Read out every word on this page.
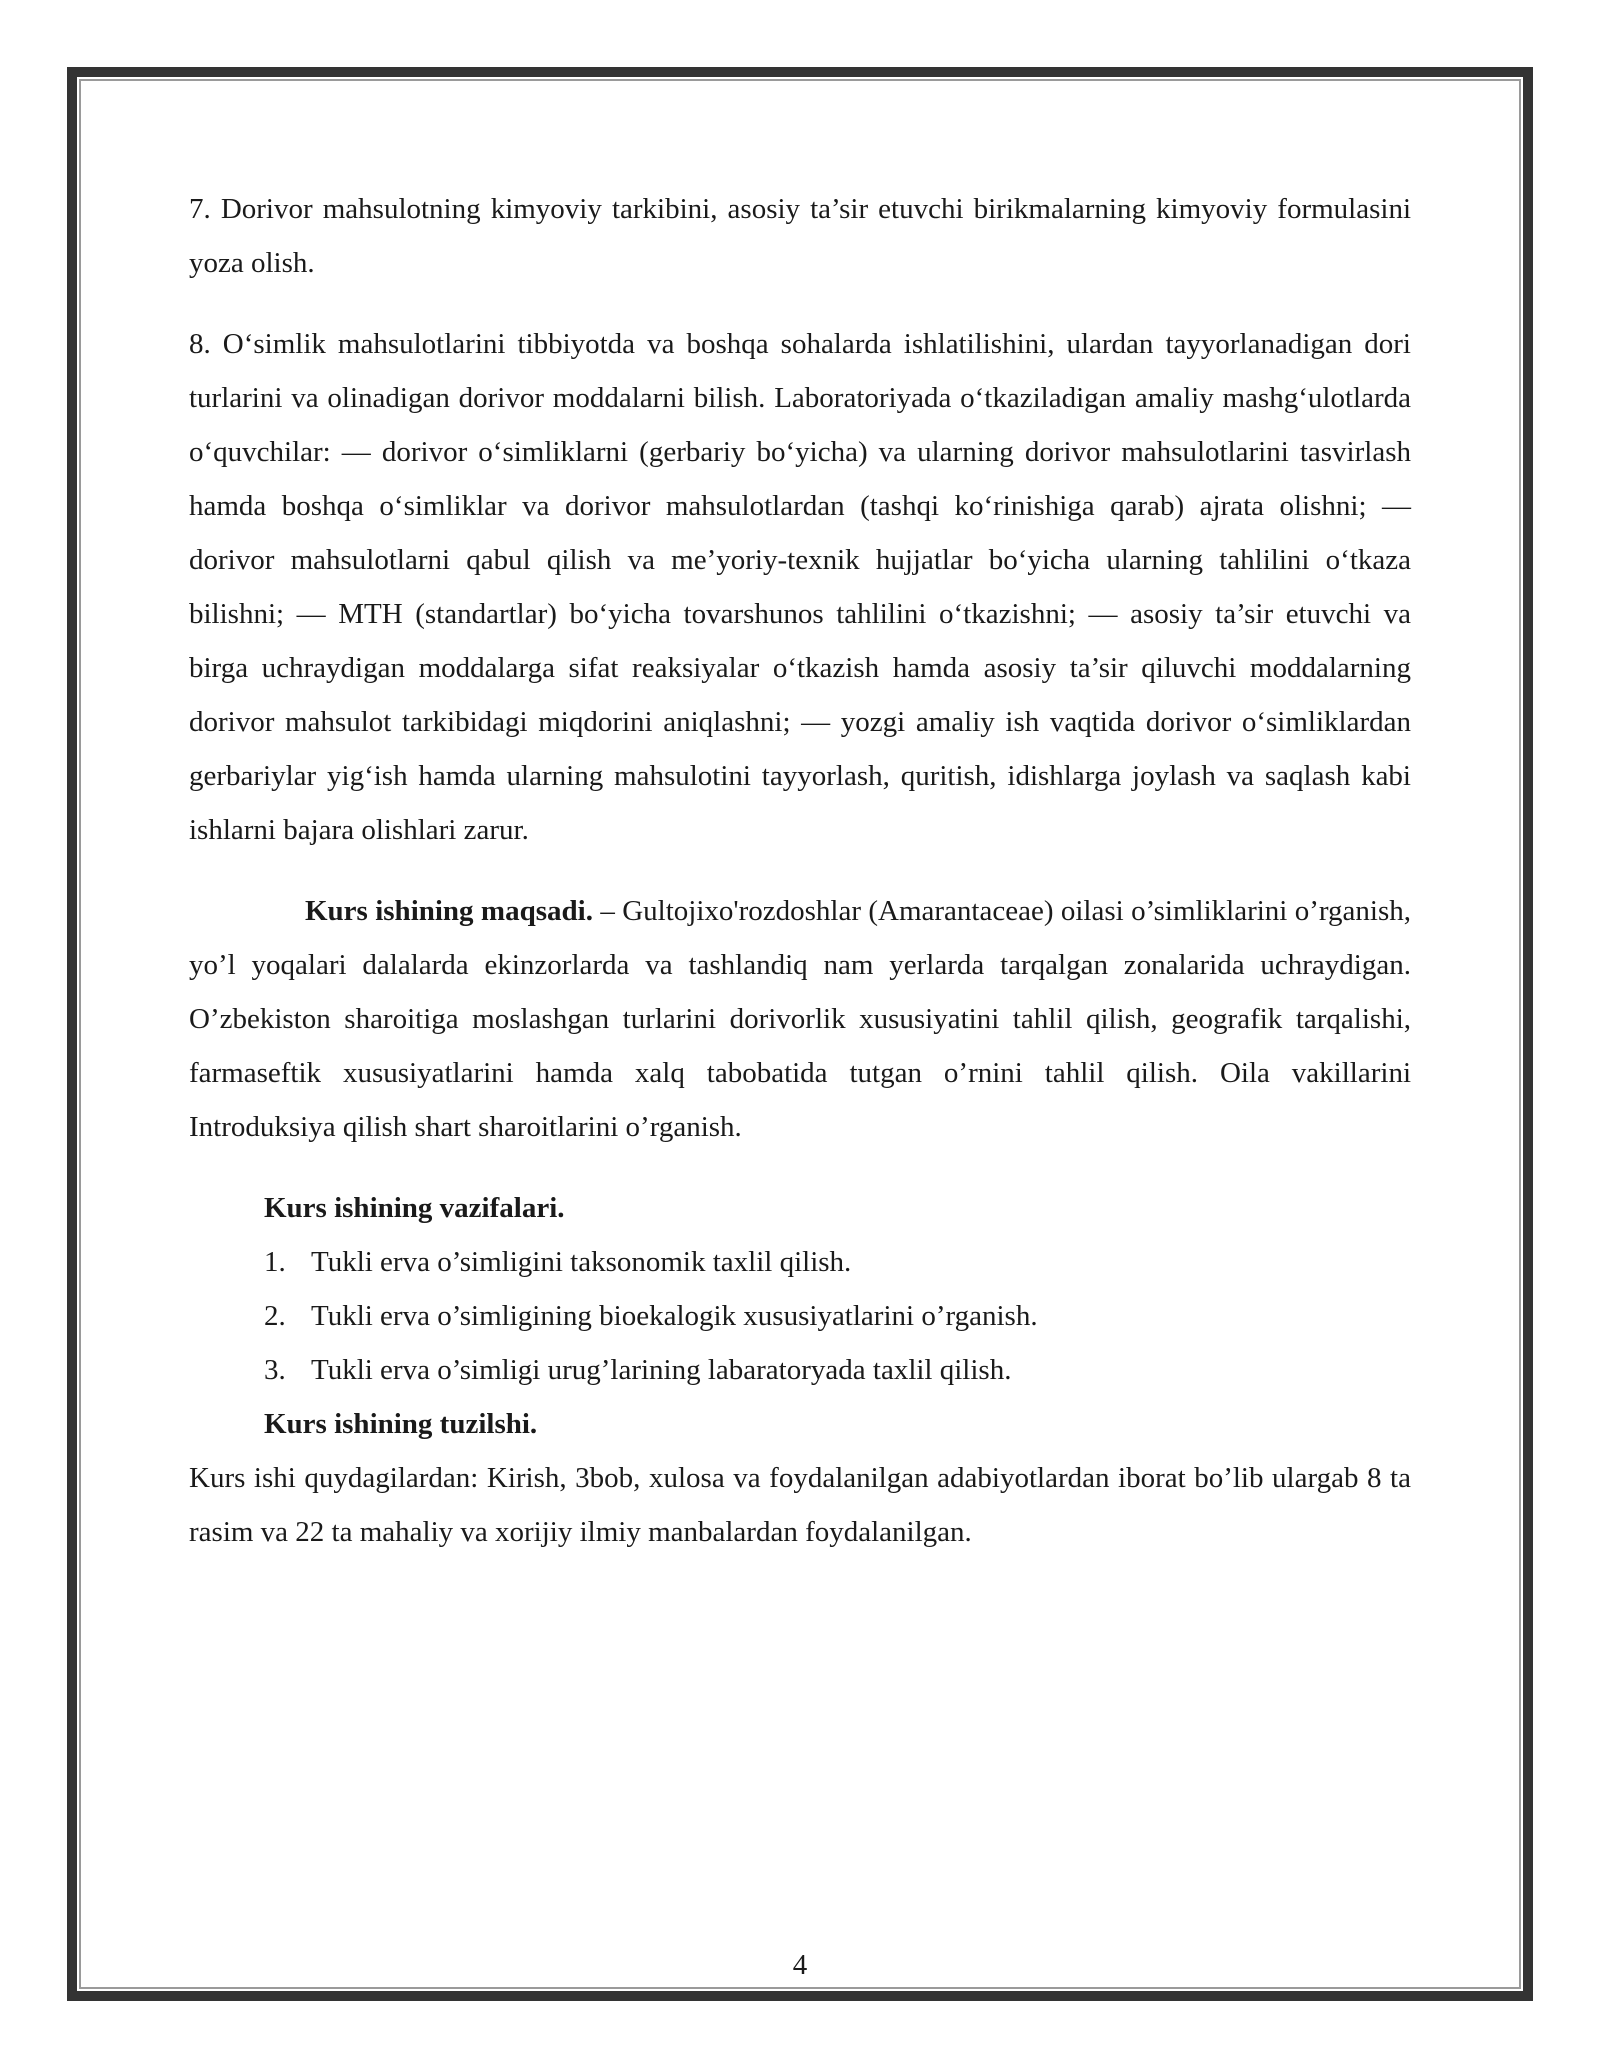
7. Dorivor mahsulotning kimyoviy tarkibini, asosiy ta’sir etuvchi birikmalarning kimyoviy formulasini yoza olish.

8. O‘simlik mahsulotlarini tibbiyotda va boshqa sohalarda ishlatilishini, ulardan tayyorlanadigan dori turlarini va olinadigan dorivor moddalarni bilish. Laboratoriyada o‘tkaziladigan amaliy mashg‘ulotlarda o‘quvchilar: — dorivor o‘simliklarni (gerbariy bo‘yicha) va ularning dorivor mahsulotlarini tasvirlash hamda boshqa o‘simliklar va dorivor mahsulotlardan (tashqi ko‘rinishiga qarab) ajrata olishni; — dorivor mahsulotlarni qabul qilish va me’yoriy-texnik hujjatlar bo‘yicha ularning tahlilini o‘tkaza bilishni; — MTH (standartlar) bo‘yicha tovarshunos tahlilini o‘tkazishni; — asosiy ta’sir etuvchi va birga uchraydigan moddalarga sifat reaksiyalar o‘tkazish hamda asosiy ta’sir qiluvchi moddalarning dorivor mahsulot tarkibidagi miqdorini aniqlashni; — yozgi amaliy ish vaqtida dorivor o‘simliklardan gerbariylar yig‘ish hamda ularning mahsulotini tayyorlash, quritish, idishlarga joylash va saqlash kabi ishlarni bajara olishlari zarur.

Kurs ishining maqsadi. – Gultojixo'rozdoshlar (Amarantaceae) oilasi o’simliklarini o’rganish, yo’l yoqalari dalalarda ekinzorlarda va tashlandiq nam yerlarda tarqalgan zonalarida uchraydigan. O’zbekiston sharoitiga moslashgan turlarini dorivorlik xususiyatini tahlil qilish, geografik tarqalishi, farmaseftik xususiyatlarini hamda xalq tabobatida tutgan o’rnini tahlil qilish. Oila vakillarini Introduksiya qilish shart sharoitlarini o’rganish.

Kurs ishining vazifalari.

1. Tukli erva o’simligini taksonomik taxlil qilish.
2. Tukli erva o’simligining bioekalogik xususiyatlarini o’rganish.
3. Tukli erva o’simligi urug’larining labaratoryada taxlil qilish.

Kurs ishining tuzilshi.

Kurs ishi quydagilardan: Kirish, 3bob, xulosa va foydalanilgan adabiyotlardan iborat bo’lib ulargab 8 ta rasim va 22 ta mahaliy va xorijiy ilmiy manbalardan foydalanilgan.

4
